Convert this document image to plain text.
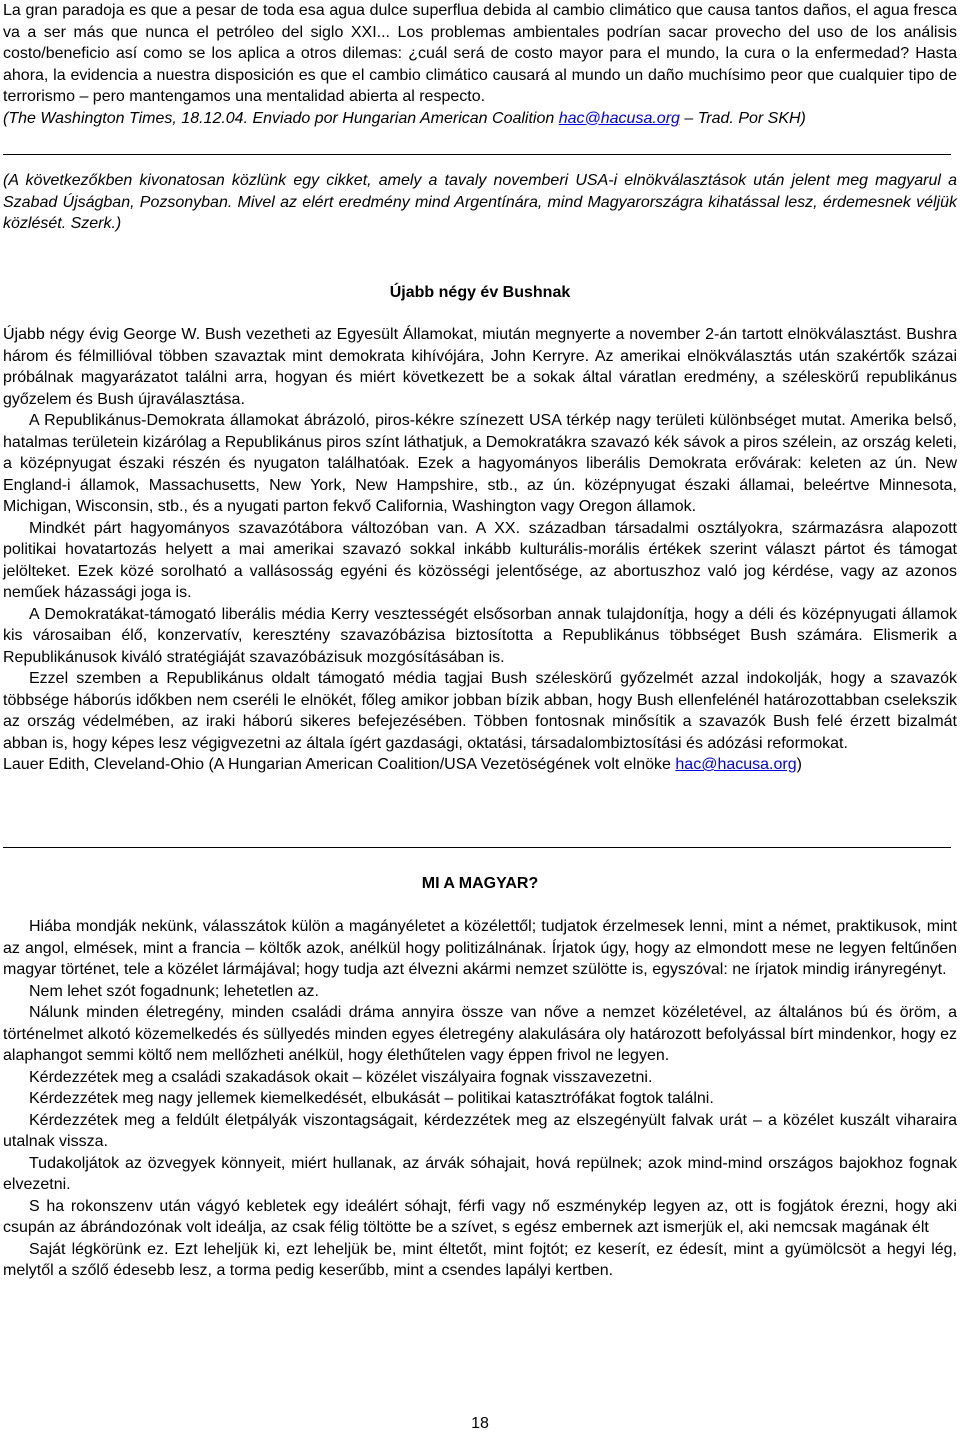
La gran paradoja es que a pesar de toda esa agua dulce superflua debida al cambio climático que causa tantos daños, el agua fresca va a ser más que nunca el petróleo del siglo XXI... Los problemas ambientales podrían sacar provecho del uso de los análisis costo/beneficio así como se los aplica a otros dilemas: ¿cuál será de costo mayor para el mundo, la cura o la enfermedad? Hasta ahora, la evidencia a nuestra disposición es que el cambio climático causará al mundo un daño muchísimo peor que cualquier tipo de terrorismo – pero mantengamos una mentalidad abierta al respecto.

(The Washington Times, 18.12.04. Enviado por Hungarian American Coalition hac@hacusa.org – Trad. Por SKH)

(A következőkben kivonatosan közlünk egy cikket, amely a tavaly novemberi USA-i elnökválasztások után jelent meg magyarul a Szabad Újságban, Pozsonyban. Mivel az elért eredmény mind Argentínára, mind Magyarországra kihatással lesz, érdemesnek véljük közlését. Szerk.)

Újabb négy év Bushnak

Újabb négy évig George W. Bush vezetheti az Egyesült Államokat, miután megnyerte a november 2-án tartott elnökválasztást. Bushra három és félmillióval többen szavaztak mint demokrata kihívójára, John Kerryre. Az amerikai elnökválasztás után szakértők százai próbálnak magyarázatot találni arra, hogyan és miért következett be a sokak által váratlan eredmény, a széleskörű republikánus győzelem és Bush újraválasztása.

A Republikánus-Demokrata államokat ábrázoló, piros-kékre színezett USA térkép nagy területi különbséget mutat. Amerika belső, hatalmas területein kizárólag a Republikánus piros színt láthatjuk, a Demokratákra szavazó kék sávok a piros szélein, az ország keleti, a középnyugat északi részén és nyugaton találhatóak. Ezek a hagyományos liberális Demokrata erővárak: keleten az ún. New England-i államok, Massachusetts, New York, New Hampshire, stb., az ún. középnyugat északi államai, beleértve Minnesota, Michigan, Wisconsin, stb., és a nyugati parton fekvő California, Washington vagy Oregon államok.

Mindkét párt hagyományos szavazótábora változóban van. A XX. században társadalmi osztályokra, származásra alapozott politikai hovatartozás helyett a mai amerikai szavazó sokkal inkább kulturális-morális értékek szerint választ pártot és támogat jelölteket. Ezek közé sorolható a vallásosság egyéni és közösségi jelentősége, az abortuszhoz való jog kérdése, vagy az azonos neműek házassági joga is.

A Demokratákat-támogató liberális média Kerry vesztességét elsősorban annak tulajdonítja, hogy a déli és középnyugati államok kis városaiban élő, konzervatív, keresztény szavazóbázisa biztosította a Republikánus többséget Bush számára. Elismerik a Republikánusok kiváló stratégiáját szavazóbázisuk mozgósításában is.

Ezzel szemben a Republikánus oldalt támogató média tagjai Bush széleskörű győzelmét azzal indokolják, hogy a szavazók többsége háborús időkben nem cseréli le elnökét, főleg amikor jobban bízik abban, hogy Bush ellenfelénél határozottabban cselekszik az ország védelmében, az iraki háború sikeres befejezésében. Többen fontosnak minősítik a szavazók Bush felé érzett bizalmát abban is, hogy képes lesz végigvezetni az általa ígért gazdasági, oktatási, társadalombiztosítási és adózási reformokat.

Lauer Edith, Cleveland-Ohio (A Hungarian American Coalition/USA Vezetöségének volt elnöke hac@hacusa.org)

MI A MAGYAR?

Hiába mondják nekünk, válasszátok külön a magányéletet a közélettől; tudjatok érzelmesek lenni, mint a német, praktikusok, mint az angol, elmések, mint a francia – költők azok, anélkül hogy politizálnának. Írjatok úgy, hogy az elmondott mese ne legyen feltűnően magyar történet, tele a közélet lármájával; hogy tudja azt élvezni akármi nemzet szülötte is, egyszóval: ne írjatok mindig irányregényt.

Nem lehet szót fogadnunk; lehetetlen az.

Nálunk minden életregény, minden családi dráma annyira össze van nőve a nemzet közéletével, az általános bú és öröm, a történelmet alkotó közemelkedés és süllyedés minden egyes életregény alakulására oly határozott befolyással bírt mindenkor, hogy ez alaphangot semmi költő nem mellőzheti anélkül, hogy élethűtelen vagy éppen frivol ne legyen.

Kérdezzétek meg a családi szakadások okait – közélet viszályaira fognak visszavezetni.

Kérdezzétek meg nagy jellemek kiemelkedését, elbukását – politikai katasztrófákat fogtok találni.

Kérdezzétek meg a feldúlt életpályák viszontagságait, kérdezzétek meg az elszegényült falvak urát – a közélet kuszált viharaira utalnak vissza.

Tudakoljátok az özvegyek könnyeit, miért hullanak, az árvák sóhajait, hová repülnek; azok mind-mind országos bajokhoz fognak elvezetni.

S ha rokonszenv után vágyó kebletek egy ideálért sóhajt, férfi vagy nő eszménykép legyen az, ott is fogjátok érezni, hogy aki csupán az ábrándozónak volt ideálja, az csak félig töltötte be a szívet, s egész embernek azt ismerjük el, aki nemcsak magának élt

Saját légkörünk ez. Ezt leheljük ki, ezt leheljük be, mint éltetőt, mint fojtót; ez keserít, ez édesít, mint a gyümölcsöt a hegyi lég, melytől a szőlő édesebb lesz, a torma pedig keserűbb, mint a csendes lapályi kertben.

18
